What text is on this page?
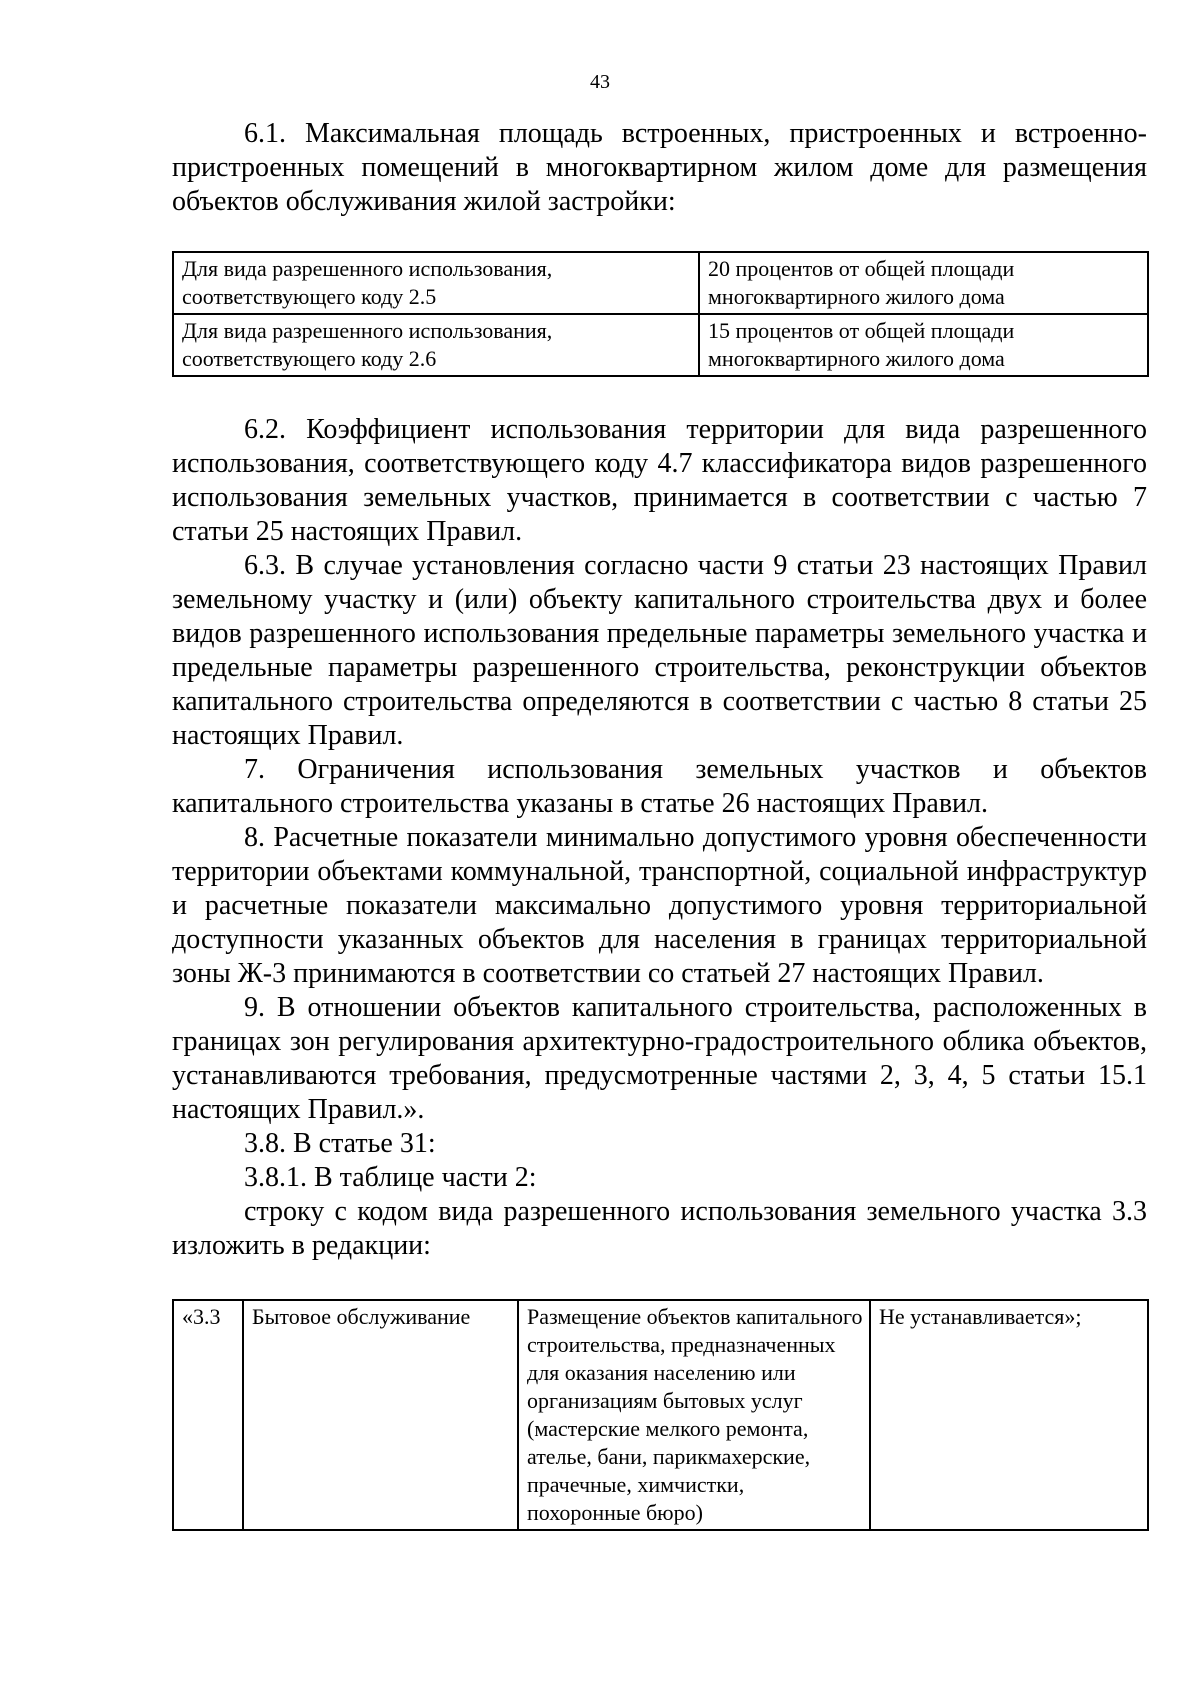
43

6.1. Максимальная площадь встроенных, пристроенных и встроенно-пристроенных помещений в многоквартирном жилом доме для размещения объектов обслуживания жилой застройки:

Для вида разрешенного использования, соответствующего коду 2.5	20 процентов от общей площади многоквартирного жилого дома
Для вида разрешенного использования, соответствующего коду 2.6	15 процентов от общей площади многоквартирного жилого дома

6.2. Коэффициент использования территории для вида разрешенного использования, соответствующего коду 4.7 классификатора видов разрешенного использования земельных участков, принимается в соответствии с частью 7 статьи 25 настоящих Правил.

6.3. В случае установления согласно части 9 статьи 23 настоящих Правил земельному участку и (или) объекту капитального строительства двух и более видов разрешенного использования предельные параметры земельного участка и предельные параметры разрешенного строительства, реконструкции объектов капитального строительства определяются в соответствии с частью 8 статьи 25 настоящих Правил.

7. Ограничения использования земельных участков и объектов капитального строительства указаны в статье 26 настоящих Правил.

8. Расчетные показатели минимально допустимого уровня обеспеченности территории объектами коммунальной, транспортной, социальной инфраструктур и расчетные показатели максимально допустимого уровня территориальной доступности указанных объектов для населения в границах территориальной зоны Ж-3 принимаются в соответствии со статьей 27 настоящих Правил.

9. В отношении объектов капитального строительства, расположенных в границах зон регулирования архитектурно-градостроительного облика объектов, устанавливаются требования, предусмотренные частями 2, 3, 4, 5 статьи 15.1 настоящих Правил.».

3.8. В статье 31:

3.8.1. В таблице части 2:

строку с кодом вида разрешенного использования земельного участка 3.3 изложить в редакции:

«3.3	Бытовое обслуживание	Размещение объектов капитального строительства, предназначенных для оказания населению или организациям бытовых услуг (мастерские мелкого ремонта, ателье, бани, парикмахерские, прачечные, химчистки, похоронные бюро)	Не устанавливается»;
